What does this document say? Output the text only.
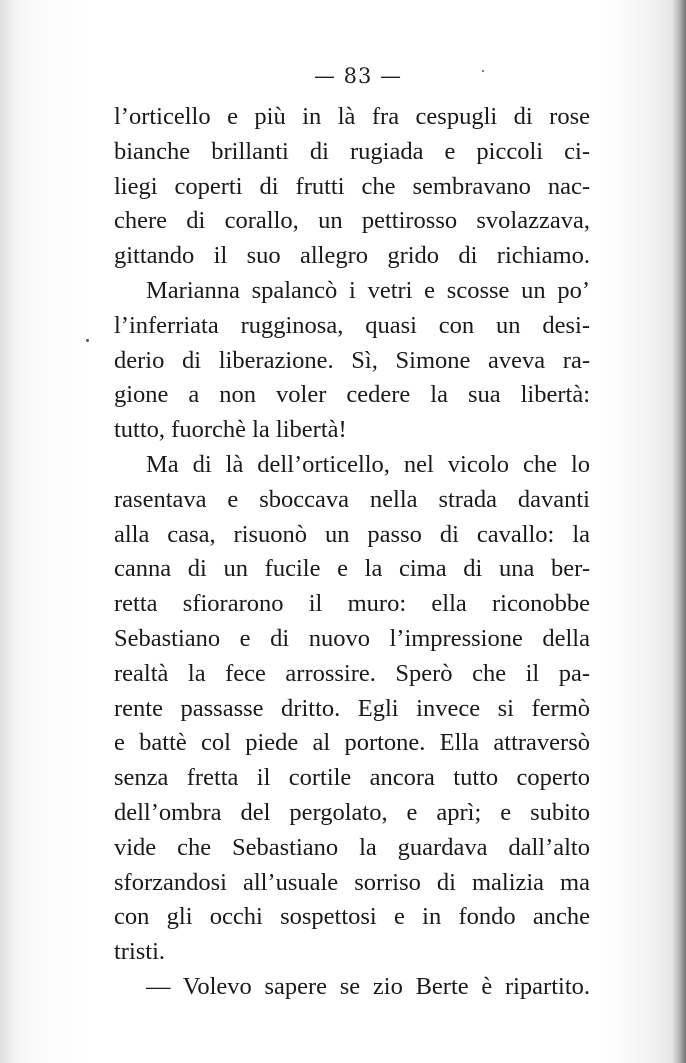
— 83 —
l’orticello e più in là fra cespugli di rose
bianche brillanti di rugiada e piccoli ci-
liegi coperti di frutti che sembravano nac-
chere di corallo, un pettirosso svolazzava,
gittando il suo allegro grido di richiamo.
Marianna spalancò i vetri e scosse un po’
l’inferriata rugginosa, quasi con un desi-
derio di liberazione. Sì, Simone aveva ra-
gione a non voler cedere la sua libertà:
tutto, fuorchè la libertà!
Ma di là dell’orticello, nel vicolo che lo
rasentava e sboccava nella strada davanti
alla casa, risuonò un passo di cavallo: la
canna di un fucile e la cima di una ber-
retta sfiorarono il muro: ella riconobbe
Sebastiano e di nuovo l’impressione della
realtà la fece arrossire. Sperò che il pa-
rente passasse dritto. Egli invece si fermò
e battè col piede al portone. Ella attraversò
senza fretta il cortile ancora tutto coperto
dell’ombra del pergolato, e aprì; e subito
vide che Sebastiano la guardava dall’alto
sforzandosi all’usuale sorriso di malizia ma
con gli occhi sospettosi e in fondo anche
tristi.
— Volevo sapere se zio Berte è ripartito.
